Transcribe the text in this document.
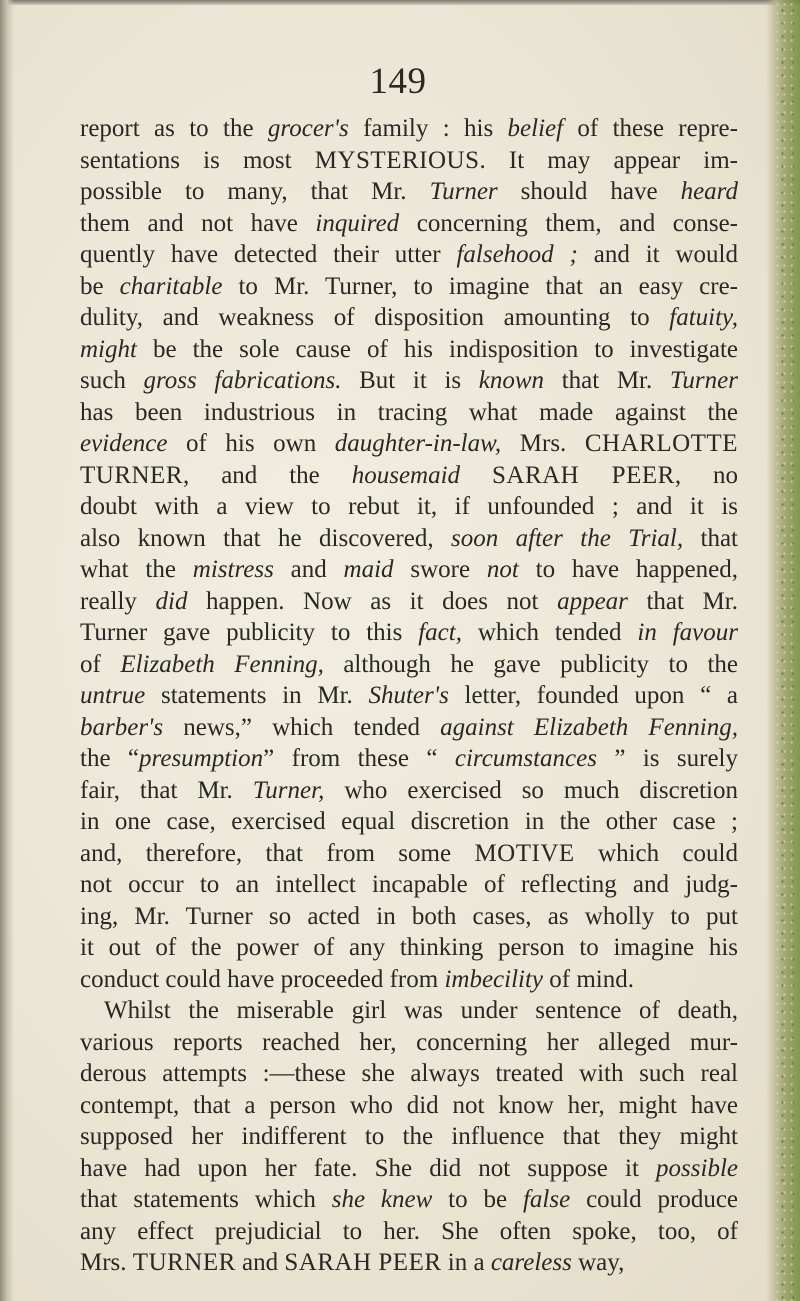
149
report as to the grocer's family : his belief of these repre-
sentations is most MYSTERIOUS. It may appear im-
possible to many, that Mr. Turner should have heard
them and not have inquired concerning them, and conse-
quently have detected their utter falsehood ; and it would
be charitable to Mr. Turner, to imagine that an easy cre-
dulity, and weakness of disposition amounting to fatuity,
might be the sole cause of his indisposition to investigate
such gross fabrications. But it is known that Mr. Turner
has been industrious in tracing what made against the
evidence of his own daughter-in-law, Mrs. CHARLOTTE
TURNER, and the housemaid SARAH PEER, no
doubt with a view to rebut it, if unfounded ; and it is
also known that he discovered, soon after the Trial, that
what the mistress and maid swore not to have happened,
really did happen. Now as it does not appear that Mr.
Turner gave publicity to this fact, which tended in favour
of Elizabeth Fenning, although he gave publicity to the
untrue statements in Mr. Shuter's letter, founded upon “ a
barber's news,” which tended against Elizabeth Fenning,
the “presumption” from these “ circumstances ” is surely
fair, that Mr. Turner, who exercised so much discretion
in one case, exercised equal discretion in the other case ;
and, therefore, that from some MOTIVE which could
not occur to an intellect incapable of reflecting and judg-
ing, Mr. Turner so acted in both cases, as wholly to put
it out of the power of any thinking person to imagine his
conduct could have proceeded from imbecility of mind.
Whilst the miserable girl was under sentence of death,
various reports reached her, concerning her alleged mur-
derous attempts :—these she always treated with such real
contempt, that a person who did not know her, might have
supposed her indifferent to the influence that they might
have had upon her fate. She did not suppose it possible
that statements which she knew to be false could produce
any effect prejudicial to her. She often spoke, too, of
Mrs. TURNER and SARAH PEER in a careless way,
